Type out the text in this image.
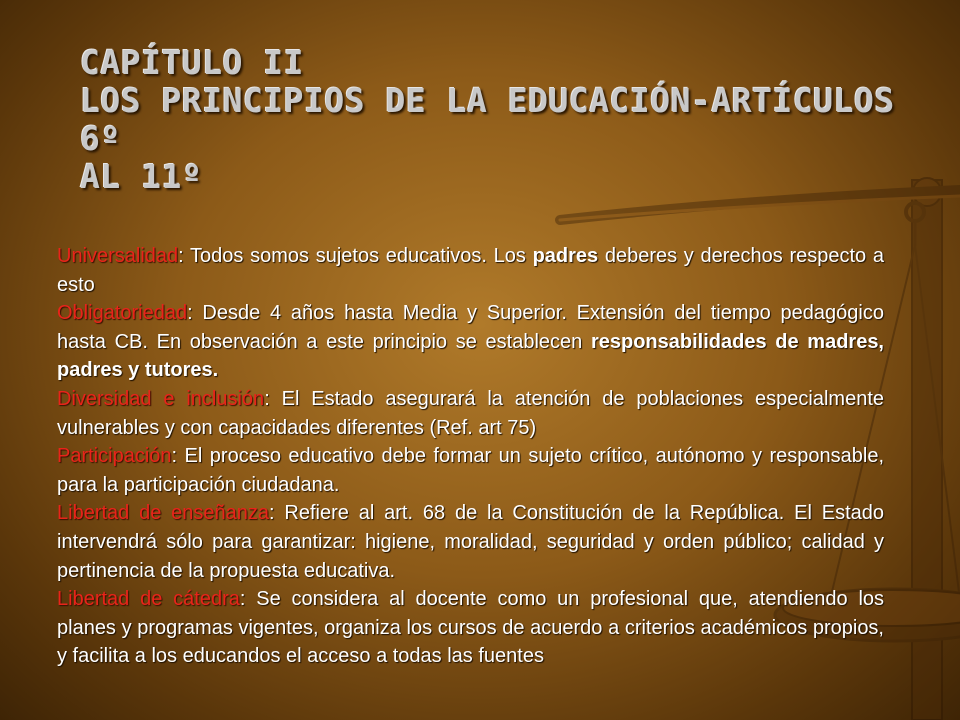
CAPÍTULO II
LOS PRINCIPIOS DE LA EDUCACIÓN-ARTÍCULOS 6º
AL 11º

Universalidad: Todos somos sujetos educativos. Los padres deberes y derechos respecto a esto

Obligatoriedad: Desde 4 años hasta Media y Superior. Extensión del tiempo pedagógico hasta CB. En observación a este principio se establecen responsabilidades de madres, padres y tutores.

Diversidad e inclusión: El Estado asegurará la atención de poblaciones especialmente vulnerables y con capacidades diferentes (Ref. art 75)

Participación: El proceso educativo debe formar un sujeto crítico, autónomo y responsable, para la participación ciudadana.

Libertad de enseñanza: Refiere al art. 68 de la Constitución de la República. El Estado intervendrá sólo para garantizar: higiene, moralidad, seguridad y orden público; calidad y pertinencia de la propuesta educativa.

Libertad de cátedra: Se considera al docente como un profesional que, atendiendo los planes y programas vigentes, organiza los cursos de acuerdo a criterios académicos propios, y facilita a los educandos el acceso a todas las fuentes
